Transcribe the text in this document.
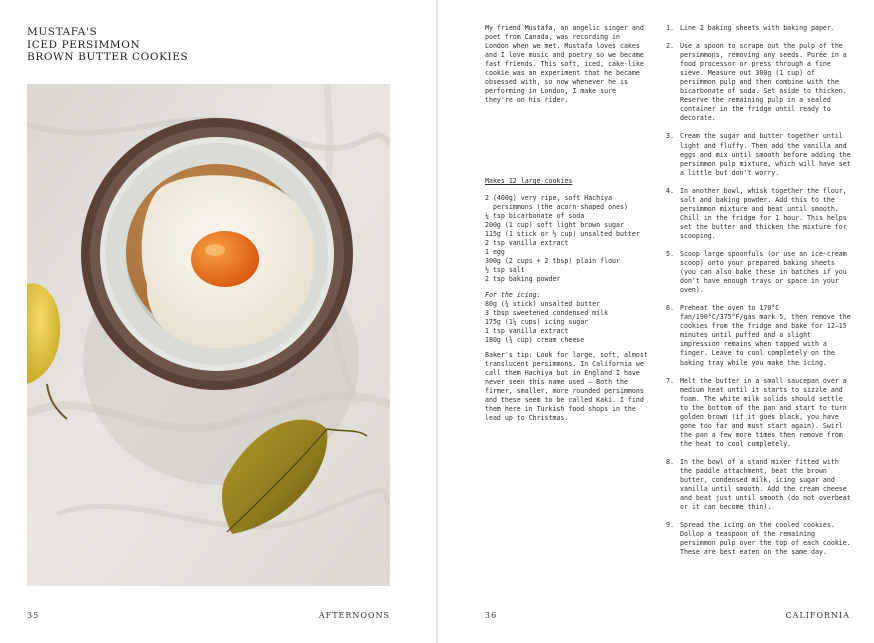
MUSTAFA'S
ICED PERSIMMON
BROWN BUTTER COOKIES
35	AFTERNOONS

My friend Mustafa, an angelic singer and poet from Canada, was recording in London when we met. Mustafa loves cakes and I love music and poetry so we became fast friends. This soft, iced, cake-like cookie was an experiment that he became obsessed with, so now whenever he is performing in London, I make sure they're on his rider.

Makes 12 large cookies

2 (400g) very ripe, soft Hachiya persimmons (the acorn-shaped ones)

¼ tsp bicarbonate of soda

200g (1 cup) soft light brown sugar

115g (1 stick or ½ cup) unsalted butter

2 tsp vanilla extract

1 egg

300g (2 cups + 2 tbsp) plain flour

½ tsp salt

2 tsp baking powder

For the icing:

80g (¾ stick) unsalted butter

3 tbsp sweetened condensed milk

175g (1¼ cups) icing sugar

1 tsp vanilla extract

180g (¾ cup) cream cheese

Baker's tip: Look for large, soft, almost translucent persimmons. In California we call them Hachiya but in England I have never seen this name used – Both the firmer, smaller, more rounded persimmons and these seem to be called Kaki. I find them here in Turkish food shops in the lead up to Christmas.

1. Line 2 baking sheets with baking paper.
2. Use a spoon to scrape out the pulp of the persimmons, removing any seeds. Purée in a food processor or press through a fine sieve. Measure out 300g (1 cup) of persimmon pulp and then combine with the bicarbonate of soda. Set aside to thicken. Reserve the remaining pulp in a sealed container in the fridge until ready to decorate.
3. Cream the sugar and butter together until light and fluffy. Then add the vanilla and eggs and mix until smooth before adding the persimmon pulp mixture, which will have set a little but don't worry.
4. In another bowl, whisk together the flour, salt and baking powder. Add this to the persimmon mixture and beat until smooth. Chill in the fridge for 1 hour. This helps set the butter and thicken the mixture for scooping.
5. Scoop large spoonfuls (or use an ice-cream scoop) onto your prepared baking sheets (you can also bake these in batches if you don't have enough trays or space in your oven).
6. Preheat the oven to 170°C fan/190°C/375°F/gas mark 5, then remove the cookies from the fridge and bake for 12–15 minutes until puffed and a slight impression remains when tapped with a finger. Leave to cool completely on the baking tray while you make the icing.
7. Melt the butter in a small saucepan over a medium heat until it starts to sizzle and foam. The white milk solids should settle to the bottom of the pan and start to turn golden brown (if it goes black, you have gone too far and must start again). Swirl the pan a few more times then remove from the heat to cool completely.
8. In the bowl of a stand mixer fitted with the paddle attachment, beat the brown butter, condensed milk, icing sugar and vanilla until smooth. Add the cream cheese and beat just until smooth (do not overbeat or it can become thin).
9. Spread the icing on the cooled cookies. Dollop a teaspoon of the remaining persimmon pulp over the top of each cookie. These are best eaten on the same day.
36	CALIFORNIA
